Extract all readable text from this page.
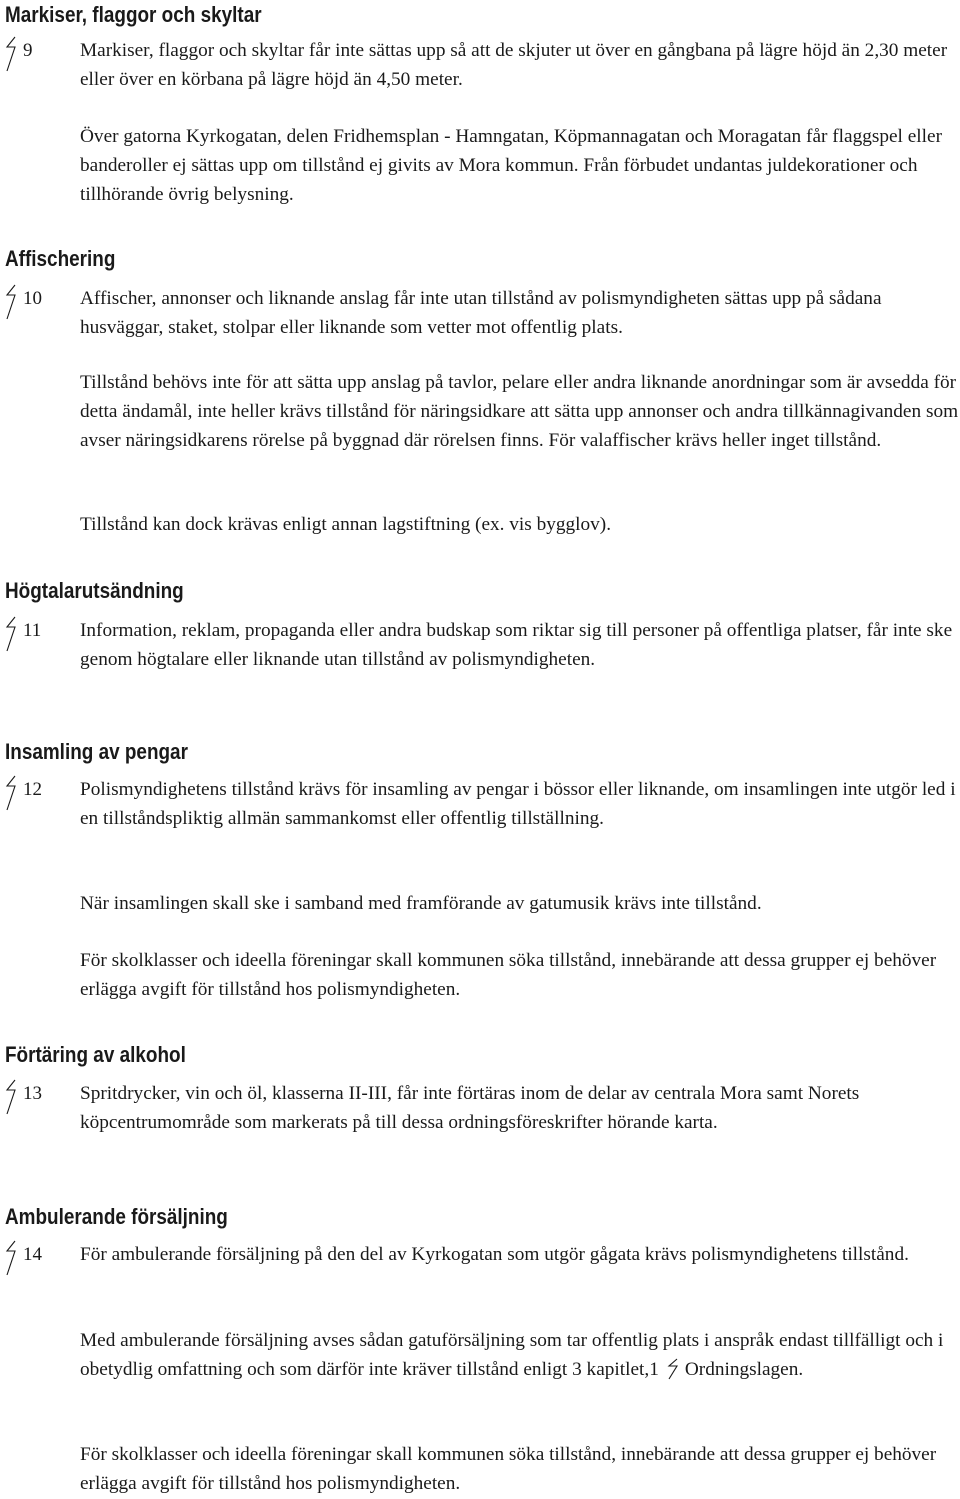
Markiser, flaggor och skyltar
9 Markiser, flaggor och skyltar får inte sättas upp så att de skjuter ut över en gångbana på lägre höjd än 2,30 meter eller över en körbana på lägre höjd än 4,50 meter.

Över gatorna Kyrkogatan, delen Fridhemsplan - Hamngatan, Köpmannagatan och Moragatan får flaggspel eller banderoller ej sättas upp om tillstånd ej givits av Mora kommun. Från förbudet undantas juldekorationer och tillhörande övrig belysning.

Affischering
10 Affischer, annonser och liknande anslag får inte utan tillstånd av polismyndigheten sättas upp på sådana husväggar, staket, stolpar eller liknande som vetter mot offentlig plats.

Tillstånd behövs inte för att sätta upp anslag på tavlor, pelare eller andra liknande anordningar som är avsedda för detta ändamål, inte heller krävs tillstånd för näringsidkare att sätta upp annonser och andra tillkännagivanden som avser näringsidkarens rörelse på byggnad där rörelsen finns. För valaffischer krävs heller inget tillstånd.

Tillstånd kan dock krävas enligt annan lagstiftning (ex. vis bygglov).

Högtalarutsändning
11 Information, reklam, propaganda eller andra budskap som riktar sig till personer på offentliga platser, får inte ske genom högtalare eller liknande utan tillstånd av polismyndigheten.

Insamling av pengar
12 Polismyndighetens tillstånd krävs för insamling av pengar i bössor eller liknande, om insamlingen inte utgör led i en tillståndspliktig allmän sammankomst eller offentlig tillställning.

När insamlingen skall ske i samband med framförande av gatumusik krävs inte tillstånd.

För skolklasser och ideella föreningar skall kommunen söka tillstånd, innebärande att dessa grupper ej behöver erlägga avgift för tillstånd hos polismyndigheten.

Förtäring av alkohol
13 Spritdrycker, vin och öl, klasserna II-III, får inte förtäras inom de delar av centrala Mora samt Norets köpcentrumområde som markerats på till dessa ordningsföreskrifter hörande karta.

Ambulerande försäljning
14 För ambulerande försäljning på den del av Kyrkogatan som utgör gågata krävs polismyndighetens tillstånd.

Med ambulerande försäljning avses sådan gatuförsäljning som tar offentlig plats i anspråk endast tillfälligt och i obetydlig omfattning och som därför inte kräver tillstånd enligt 3 kapitlet,1 Ordningslagen.

För skolklasser och ideella föreningar skall kommunen söka tillstånd, innebärande att dessa grupper ej behöver erlägga avgift för tillstånd hos polismyndigheten.
